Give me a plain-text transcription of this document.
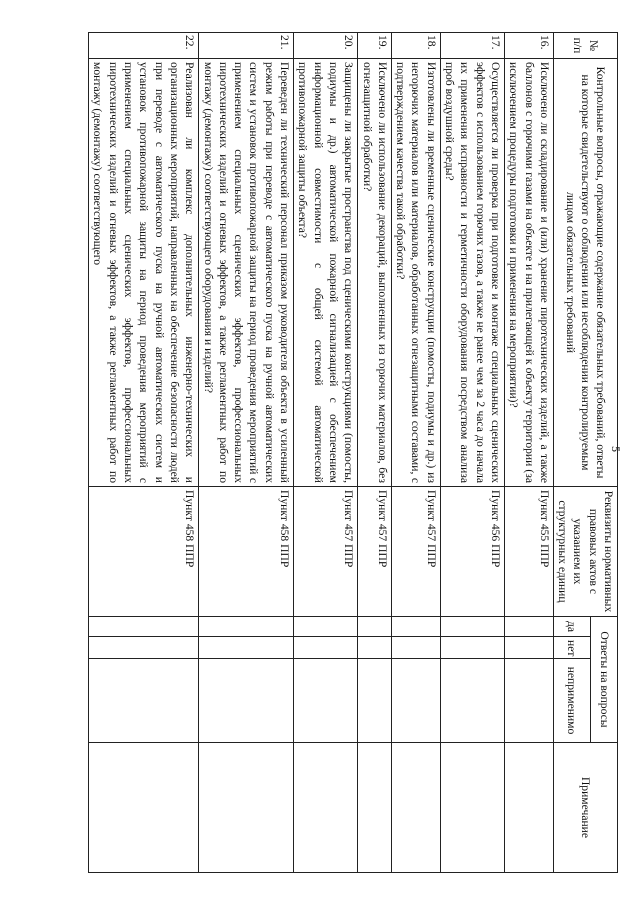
5
№ п/п	Контрольные вопросы, отражающие содержание обязательных требований, ответы на которые свидетельствуют о соблюдении или несоблюдении контролируемым лицом обязательных требований	Реквизиты нормативных правовых актов с указанием их структурных единиц	Ответы на вопросы			Примечание
			да	нет	неприменимо	
16.	Исключено ли складирование и (или) хранение пиротехнических изделий, а также баллонов с горючими газами на объекте и на прилегающей к объекту территории (за исключением процедуры подготовки и применения на мероприятии)?	Пункт 455 ППР				
17.	Осуществляется ли проверка при подготовке и монтаже специальных сценических эффектов с использованием горючих газов, а также не ранее чем за 2 часа до начала их применения исправности и герметичности оборудования посредством анализа проб воздушной среды?	Пункт 456 ППР				
18.	Изготовлены ли временные сценические конструкции (помосты, подиумы и др.) из негорючих материалов или материалов, обработанных огнезащитными составами, с подтверждением качества такой обработки?	Пункт 457 ППР				
19.	Исключено ли использование декораций, выполненных из горючих материалов, без огнезащитной обработки?	Пункт 457 ППР				
20.	Защищены ли закрытые пространства под сценическими конструкциями (помосты, подиумы и др.) автоматической пожарной сигнализацией с обеспечением информационной совместимости с общей системой автоматической противопожарной защиты объекта?	Пункт 457 ППР				
21.	Переведен ли технический персонал приказом руководителя объекта в усиленный режим работы при переводе с автоматического пуска на ручной автоматических систем и установок противопожарной защиты на период проведения мероприятий с применением специальных сценических эффектов, профессиональных пиротехнических изделий и огневых эффектов, а также регламентных работ по монтажу (демонтажу) соответствующего оборудования и изделий?	Пункт 458 ППР				
22.	Реализован ли комплекс дополнительных инженерно-технических и организационных мероприятий, направленных на обеспечение безопасности людей при переводе с автоматического пуска на ручной автоматических систем и установок противопожарной защиты на период проведения мероприятий с применением специальных сценических эффектов, профессиональных пиротехнических изделий и огневых эффектов, а также регламентных работ по монтажу (демонтажу) соответствующего	Пункт 458 ППР				
